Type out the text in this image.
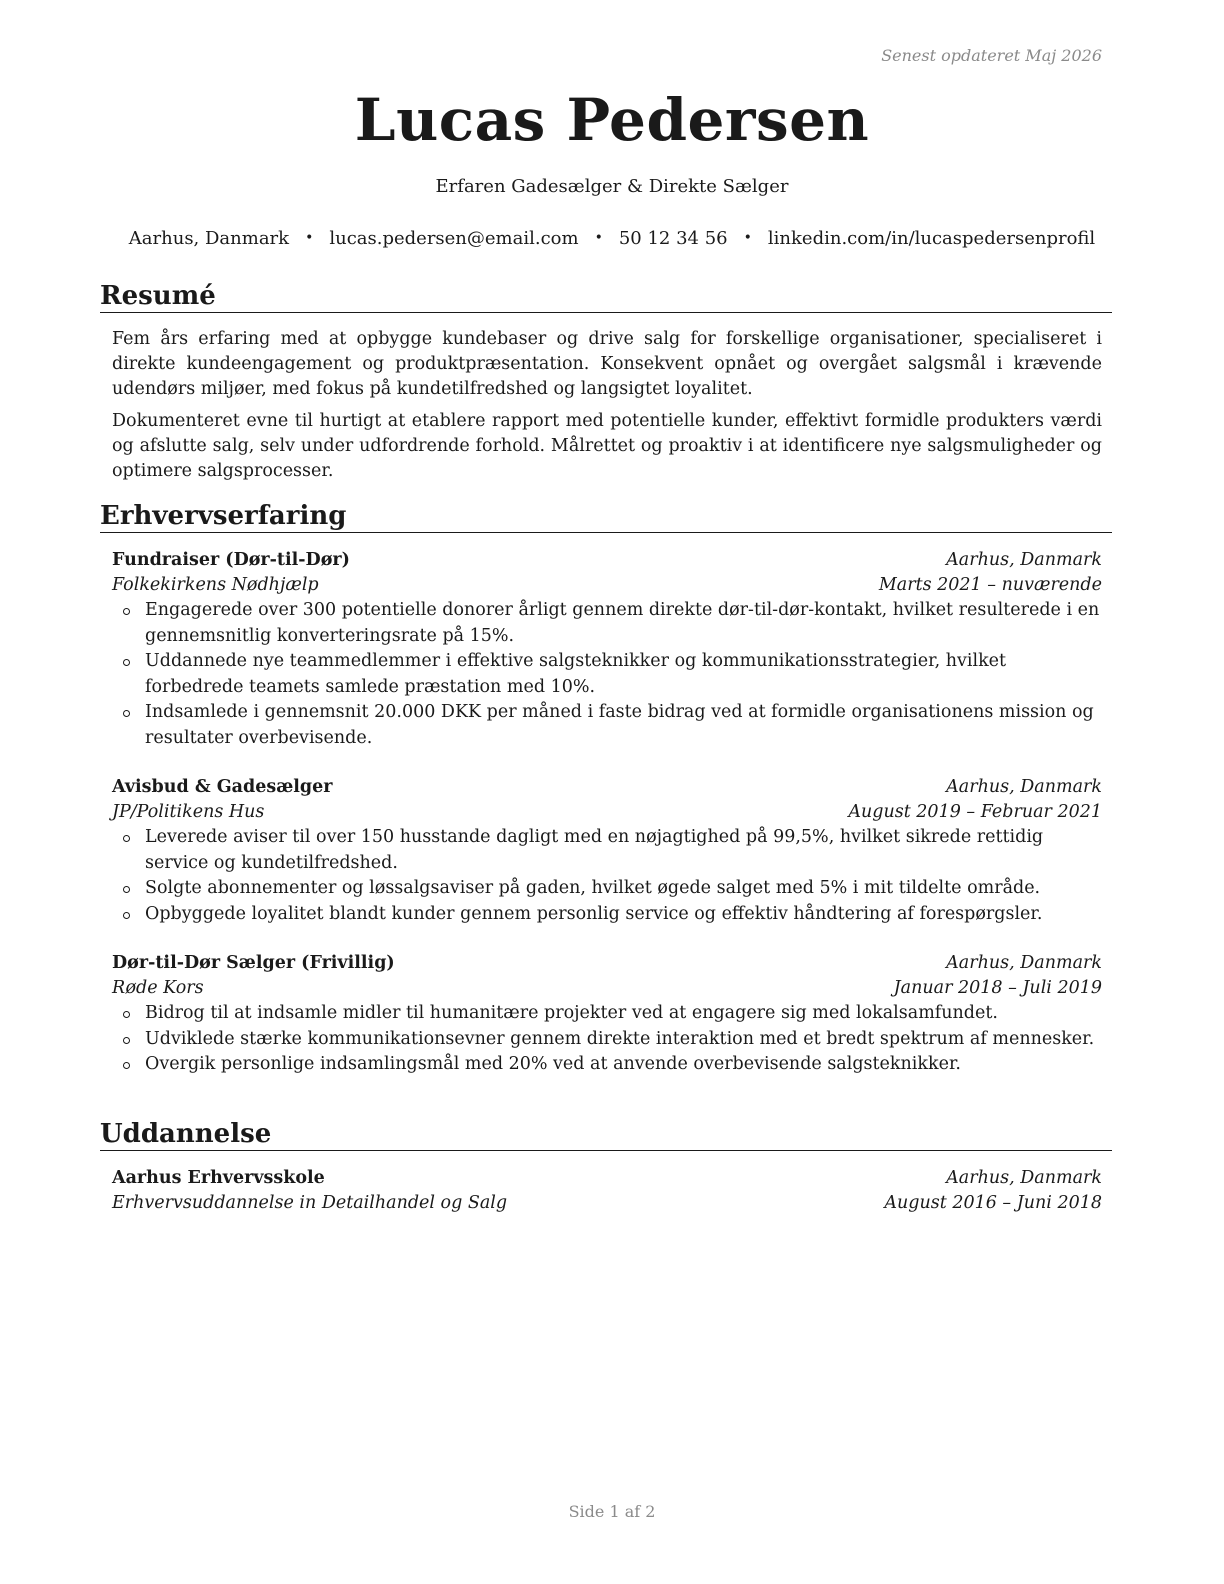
Senest opdateret Maj 2026
Lucas Pedersen
Erfaren Gadesælger & Direkte Sælger
Aarhus, Danmark • lucas.pedersen@email.com • 50 12 34 56 • linkedin.com/in/lucaspedersenprofil
Resumé

Fem års erfaring med at opbygge kundebaser og drive salg for forskellige organisationer, specialiseret i direkte kundeengagement og produktpræsentation. Konsekvent opnået og overgået salgsmål i krævende udendørs miljøer, med fokus på kundetilfredshed og langsigtet loyalitet.

Dokumenteret evne til hurtigt at etablere rapport med potentielle kunder, effektivt formidle produkters værdi og afslutte salg, selv under udfordrende forhold. Målrettet og proaktiv i at identificere nye salgsmuligheder og optimere salgsprocesser.

Erhvervserfaring
Fundraiser (Dør-til-Dør)	Aarhus, Danmark
Folkekirkens Nødhjælp	Marts 2021 – nuværende
Engagerede over 300 potentielle donorer årligt gennem direkte dør-til-dør-kontakt, hvilket resulterede i en gennemsnitlig konverteringsrate på 15%.
Uddannede nye teammedlemmer i effektive salgsteknikker og kommunikationsstrategier, hvilket forbedrede teamets samlede præstation med 10%.
Indsamlede i gennemsnit 20.000 DKK per måned i faste bidrag ved at formidle organisationens mission og resultater overbevisende.
Avisbud & Gadesælger	Aarhus, Danmark
JP/Politikens Hus	August 2019 – Februar 2021
Leverede aviser til over 150 husstande dagligt med en nøjagtighed på 99,5%, hvilket sikrede rettidig service og kundetilfredshed.
Solgte abonnementer og løssalgsaviser på gaden, hvilket øgede salget med 5% i mit tildelte område.
Opbyggede loyalitet blandt kunder gennem personlig service og effektiv håndtering af forespørgsler.
Dør-til-Dør Sælger (Frivillig)	Aarhus, Danmark
Røde Kors	Januar 2018 – Juli 2019
Bidrog til at indsamle midler til humanitære projekter ved at engagere sig med lokalsamfundet.
Udviklede stærke kommunikationsevner gennem direkte interaktion med et bredt spektrum af mennesker.
Overgik personlige indsamlingsmål med 20% ved at anvende overbevisende salgsteknikker.
Uddannelse
Aarhus Erhvervsskole	Aarhus, Danmark
Erhvervsuddannelse in Detailhandel og Salg	August 2016 – Juni 2018
Side 1 af 2
